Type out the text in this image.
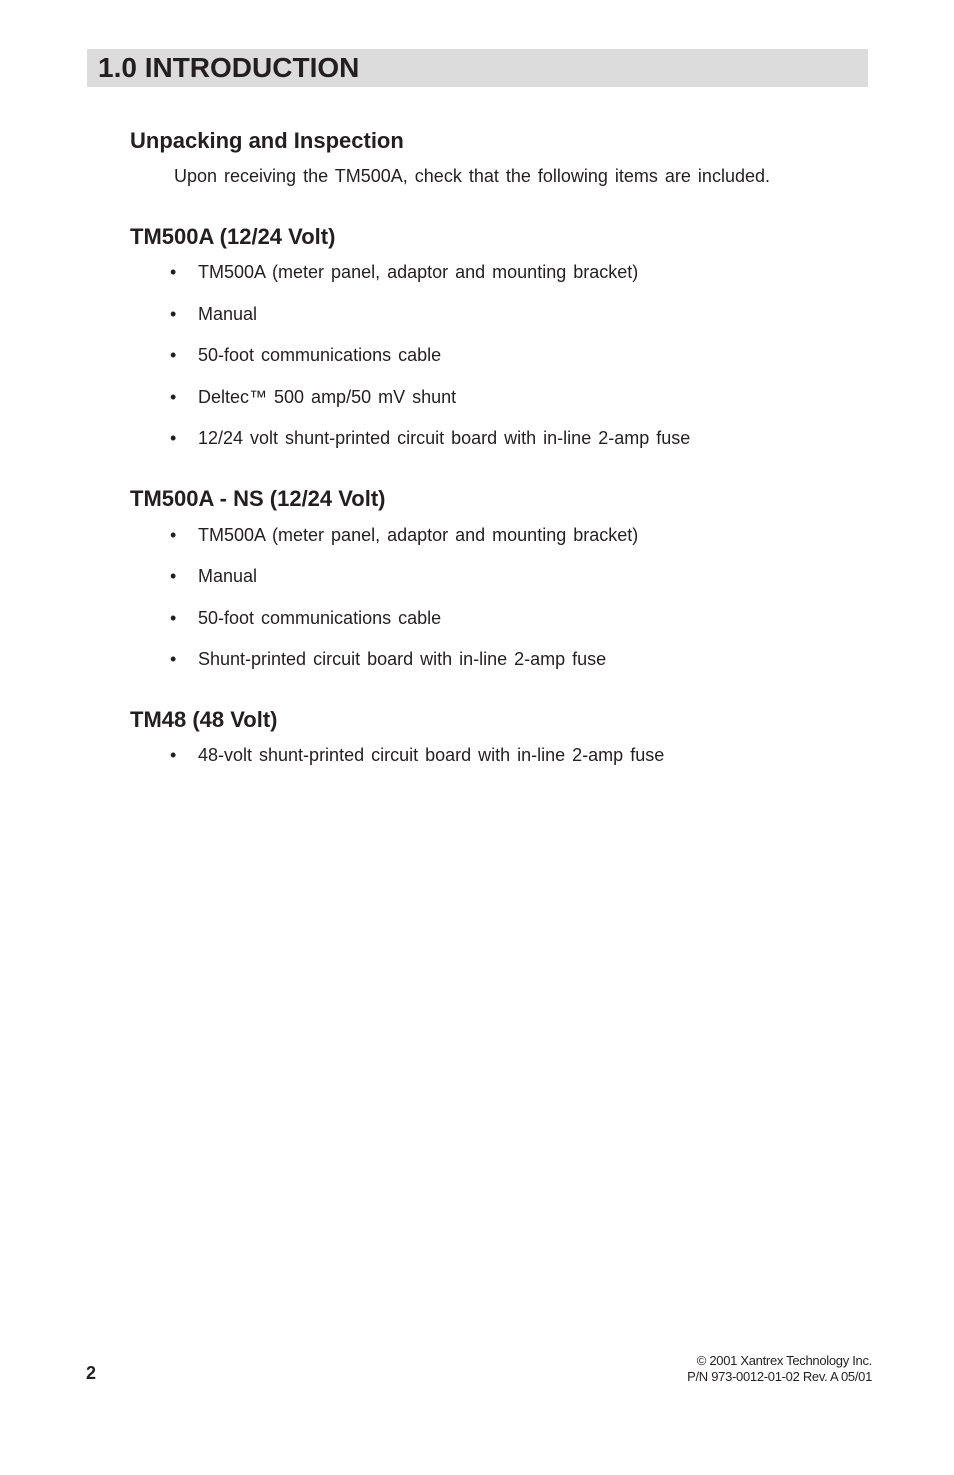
1.0 INTRODUCTION
Unpacking and Inspection
Upon receiving the TM500A, check that the following items are included.
TM500A (12/24 Volt)
• TM500A (meter panel, adaptor and mounting bracket)
• Manual
• 50-foot communications cable
• Deltec™ 500 amp/50 mV shunt
• 12/24 volt shunt-printed circuit board with in-line 2-amp fuse
TM500A - NS (12/24 Volt)
• TM500A (meter panel, adaptor and mounting bracket)
• Manual
• 50-foot communications cable
• Shunt-printed circuit board with in-line 2-amp fuse
TM48 (48 Volt)
• 48-volt shunt-printed circuit board with in-line 2-amp fuse
2
© 2001 Xantrex Technology Inc.
P/N 973-0012-01-02 Rev. A 05/01
